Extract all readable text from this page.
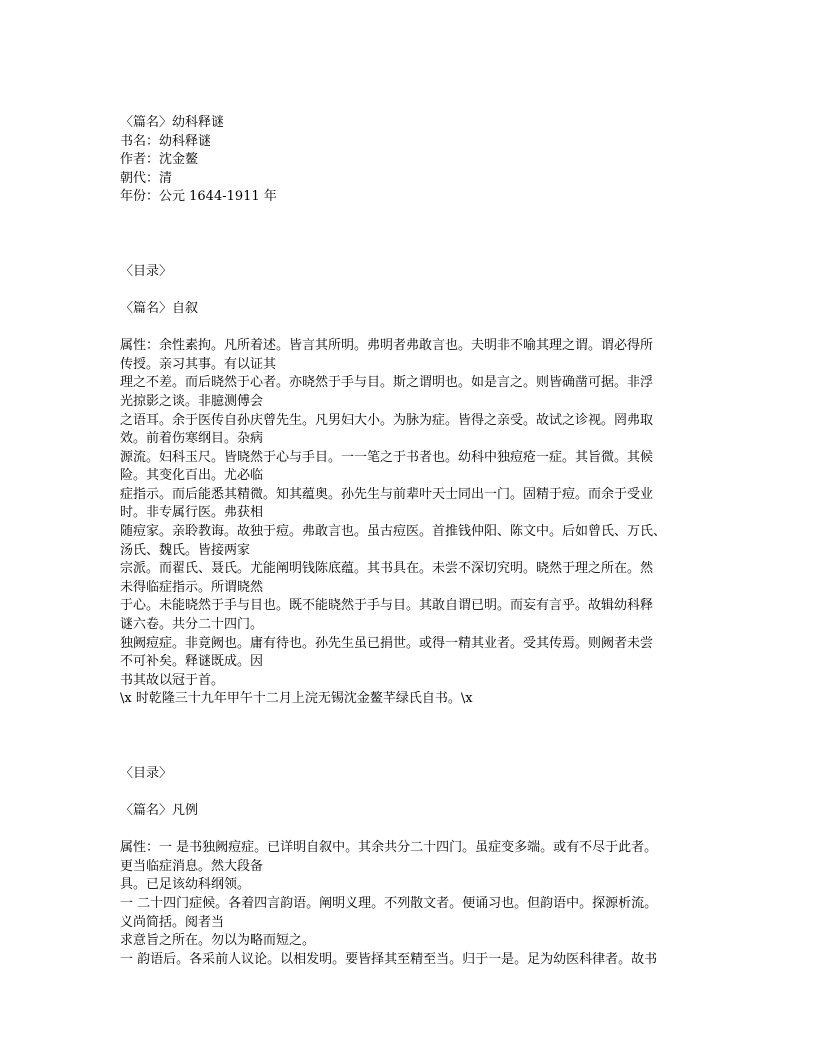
〈篇名〉幼科释谜
书名：幼科释谜
作者：沈金鳌
朝代：清
年份：公元 1644-1911 年
〈目录〉
〈篇名〉自叙
属性：余性素拘。凡所着述。皆言其所明。弗明者弗敢言也。夫明非不喻其理之谓。谓必得所
传授。亲习其事。有以证其
理之不差。而后晓然于心者。亦晓然于手与目。斯之谓明也。如是言之。则皆确凿可据。非浮
光掠影之谈。非臆测傅会
之语耳。余于医传自孙庆曾先生。凡男妇大小。为脉为症。皆得之亲受。故试之诊视。罔弗取
效。前着伤寒纲目。杂病
源流。妇科玉尺。皆晓然于心与手目。一一笔之于书者也。幼科中独痘疮一症。其旨微。其候
险。其变化百出。尤必临
症指示。而后能悉其精微。知其蕴奥。孙先生与前辈叶天士同出一门。固精于痘。而余于受业
时。非专属行医。弗获相
随痘家。亲聆教诲。故独于痘。弗敢言也。虽古痘医。首推钱仲阳、陈文中。后如曾氏、万氏、
汤氏、魏氏。皆接两家
宗派。而翟氏、聂氏。尤能阐明钱陈底蕴。其书具在。未尝不深切究明。晓然于理之所在。然
未得临症指示。所谓晓然
于心。未能晓然于手与目也。既不能晓然于手与目。其敢自谓已明。而妄有言乎。故辑幼科释
谜六卷。共分二十四门。
独阙痘症。非竟阙也。庸有待也。孙先生虽已捐世。或得一精其业者。受其传焉。则阙者未尝
不可补矣。释谜既成。因
书其故以冠于首。
\x 时乾隆三十九年甲午十二月上浣无锡沈金鳌芊绿氏自书。\x
〈目录〉
〈篇名〉凡例
属性：一 是书独阙痘症。已详明自叙中。其余共分二十四门。虽症变多端。或有不尽于此者。
更当临症消息。然大段备
具。已足该幼科纲领。
一 二十四门症候。各着四言韵语。阐明义理。不列散文者。便诵习也。但韵语中。探源析流。
义尚简括。阅者当
求意旨之所在。勿以为略而短之。
一 韵语后。各采前人议论。以相发明。要皆择其至精至当。归于一是。足为幼医科律者。故书
